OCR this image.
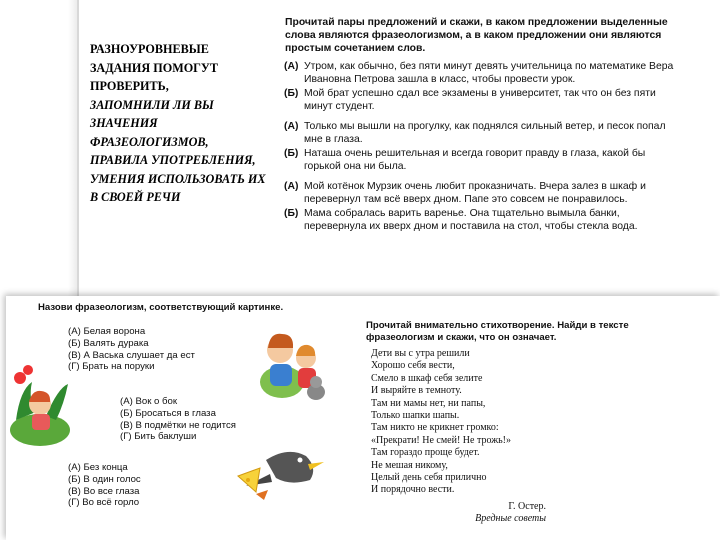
РАЗНОУРОВНЕВЫЕ ЗАДАНИЯ ПОМОГУТ ПРОВЕРИТЬ,
ЗАПОМНИЛИ ЛИ ВЫ ЗНАЧЕНИЯ ФРАЗЕОЛОГИЗМОВ, ПРАВИЛА УПОТРЕБЛЕНИЯ, УМЕНИЯ ИСПОЛЬЗОВАТЬ ИХ В СВОЕЙ РЕЧИ
Прочитай пары предложений и скажи, в каком предложении выделенные слова являются фразеологизмом, а в каком предложении они являются простым сочетанием слов.
(А) Утром, как обычно, без пяти минут девять учительница по математике Вера Ивановна Петрова зашла в класс, чтобы провести урок.
(Б) Мой брат успешно сдал все экзамены в университет, так что он без пяти минут студент.
(А) Только мы вышли на прогулку, как поднялся сильный ветер, и песок попал мне в глаза.
(Б) Наташа очень решительная и всегда говорит правду в глаза, какой бы горькой она ни была.
(А) Мой котёнок Мурзик очень любит проказничать. Вчера залез в шкаф и перевернул там всё вверх дном. Папе это совсем не понравилось.
(Б) Мама собралась варить варенье. Она тщательно вымыла банки, перевернула их вверх дном и поставила на стол, чтобы стекла вода.
Назови фразеологизм, соответствующий картинке.
(А) Белая ворона
(Б) Валять дурака
(В) А Васька слушает да ест
(Г) Брать на поруки
(А) Вок о бок
(Б) Бросаться в глаза
(В) В подмётки не годится
(Г) Бить баклуши
(А) Без конца
(Б) В один голос
(В) Во все глаза
(Г) Во всё горло
Прочитай внимательно стихотворение. Найди в тексте фразеологизм и скажи, что он означает.
Дети вы с утра решили
Хорошо себя вести,
Смело в шкаф себя зелите
И выряйте в темноту.
Там ни мамы нет, ни папы,
Только шапки шапы.
Там никто не крикнет громко:
«Прекрати! Не смей! Не трожь!»
Там гораздо проще будет.
Не мешая никому,
Целый день себя прилично
И порядочно вести.
Г. Остер.
Вредные советы
